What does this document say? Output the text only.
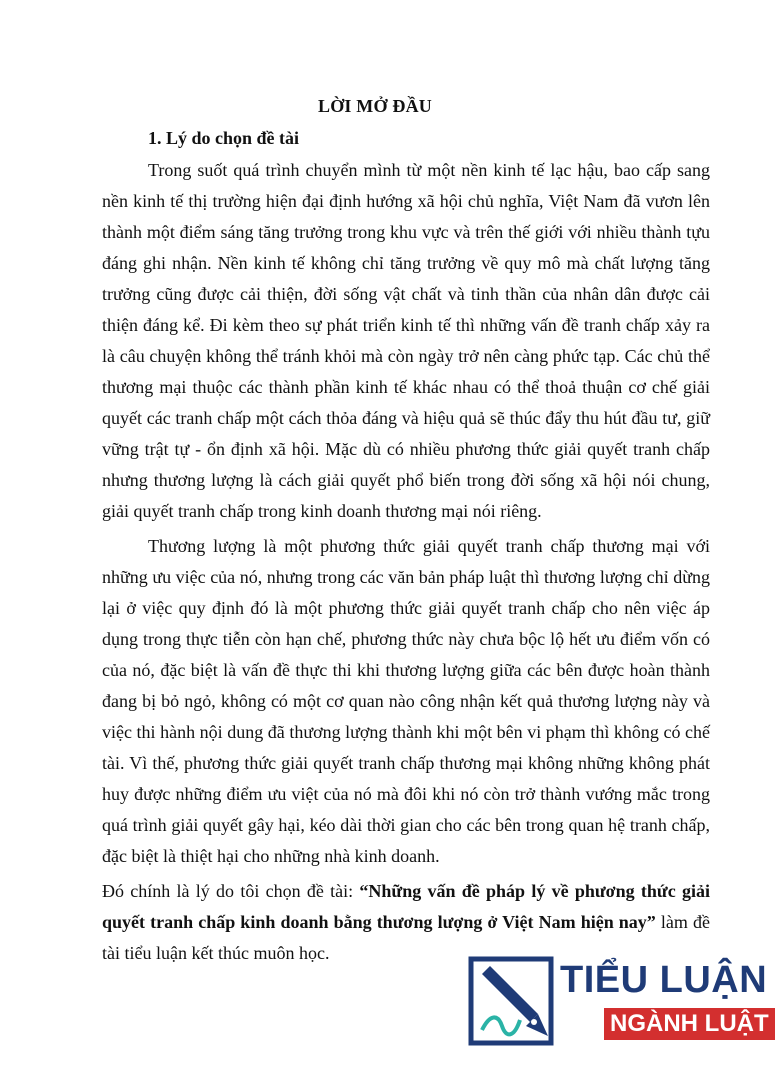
LỜI MỞ ĐẦU
1. Lý do chọn đề tài

Trong suốt quá trình chuyển mình từ một nền kinh tế lạc hậu, bao cấp sang nền kinh tế thị trường hiện đại định hướng xã hội chủ nghĩa, Việt Nam đã vươn lên thành một điểm sáng tăng trưởng trong khu vực và trên thế giới với nhiều thành tựu đáng ghi nhận. Nền kinh tế không chỉ tăng trưởng về quy mô mà chất lượng tăng trưởng cũng được cải thiện, đời sống vật chất và tinh thần của nhân dân được cải thiện đáng kể. Đi kèm theo sự phát triển kinh tế thì những vấn đề tranh chấp xảy ra là câu chuyện không thể tránh khỏi mà còn ngày trở nên càng phức tạp. Các chủ thể thương mại thuộc các thành phần kinh tế khác nhau có thể thoả thuận cơ chế giải quyết các tranh chấp một cách thỏa đáng và hiệu quả sẽ thúc đẩy thu hút đầu tư, giữ vững trật tự - ổn định xã hội. Mặc dù có nhiều phương thức giải quyết tranh chấp nhưng thương lượng là cách giải quyết phổ biến trong đời sống xã hội nói chung, giải quyết tranh chấp trong kinh doanh thương mại nói riêng.

Thương lượng là một phương thức giải quyết tranh chấp thương mại với những ưu việc của nó, nhưng trong các văn bản pháp luật thì thương lượng chỉ dừng lại ở việc quy định đó là một phương thức giải quyết tranh chấp cho nên việc áp dụng trong thực tiễn còn hạn chế, phương thức này chưa bộc lộ hết ưu điểm vốn có của nó, đặc biệt là vấn đề thực thi khi thương lượng giữa các bên được hoàn thành đang bị bỏ ngỏ, không có một cơ quan nào công nhận kết quả thương lượng này và việc thi hành nội dung đã thương lượng thành khi một bên vi phạm thì không có chế tài. Vì thế, phương thức giải quyết tranh chấp thương mại không những không phát huy được những điểm ưu việt của nó mà đôi khi nó còn trở thành vướng mắc trong quá trình giải quyết gây hại, kéo dài thời gian cho các bên trong quan hệ tranh chấp, đặc biệt là thiệt hại cho những nhà kinh doanh.

Đó chính là lý do tôi chọn đề tài: “Những vấn đề pháp lý về phương thức giải quyết tranh chấp kinh doanh bằng thương lượng ở Việt Nam hiện nay” làm đề tài tiểu luận kết thúc muôn học.

TIỂU LUẬN
NGÀNH LUẬT
